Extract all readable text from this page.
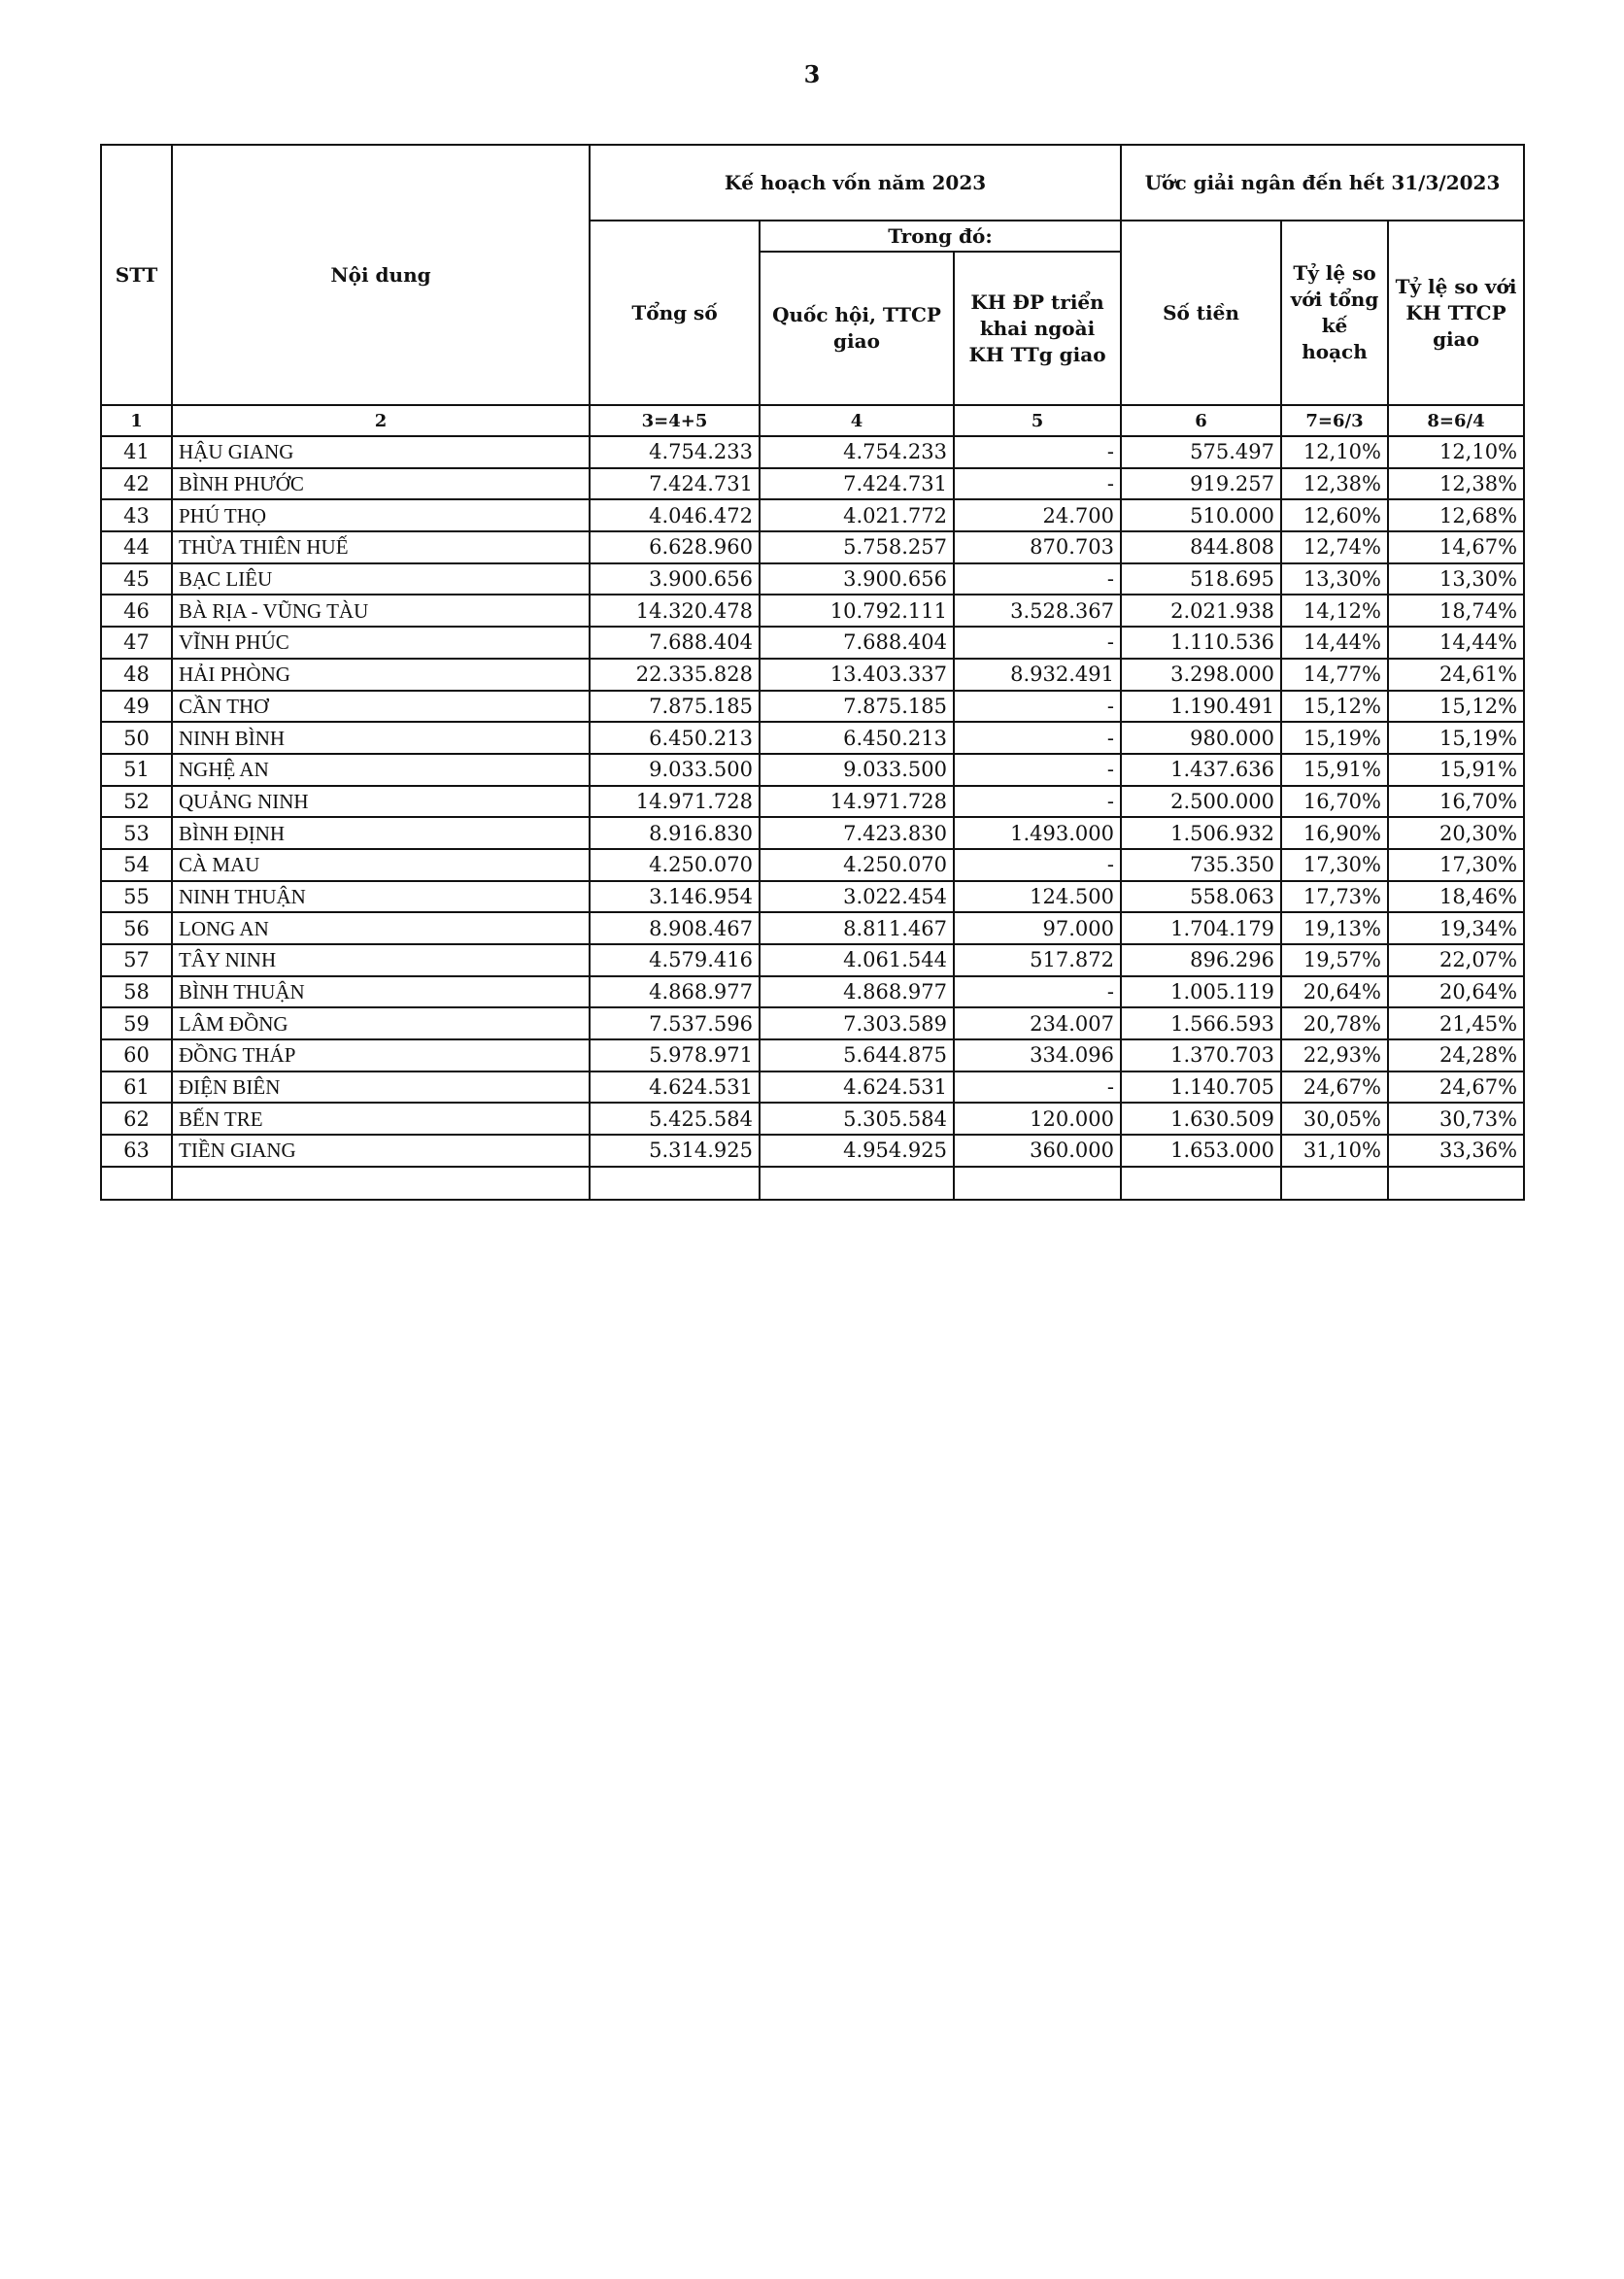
3
STT	Nội dung	Kế hoạch vốn năm 2023			Ước giải ngân đến hết 31/3/2023		
		Tổng số	Trong đó:		Số tiền	Tỷ lệ so với tổng kế hoạch	Tỷ lệ so với KH TTCP giao
			Quốc hội, TTCP giao	KH ĐP triển khai ngoài KH TTg giao			
1	2	3=4+5	4	5	6	7=6/3	8=6/4
41	HẬU GIANG	4.754.233	4.754.233	-	575.497	12,10%	12,10%
42	BÌNH PHƯỚC	7.424.731	7.424.731	-	919.257	12,38%	12,38%
43	PHÚ THỌ	4.046.472	4.021.772	24.700	510.000	12,60%	12,68%
44	THỪA THIÊN HUẾ	6.628.960	5.758.257	870.703	844.808	12,74%	14,67%
45	BẠC LIÊU	3.900.656	3.900.656	-	518.695	13,30%	13,30%
46	BÀ RỊA - VŨNG TÀU	14.320.478	10.792.111	3.528.367	2.021.938	14,12%	18,74%
47	VĨNH PHÚC	7.688.404	7.688.404	-	1.110.536	14,44%	14,44%
48	HẢI PHÒNG	22.335.828	13.403.337	8.932.491	3.298.000	14,77%	24,61%
49	CẦN THƠ	7.875.185	7.875.185	-	1.190.491	15,12%	15,12%
50	NINH BÌNH	6.450.213	6.450.213	-	980.000	15,19%	15,19%
51	NGHỆ AN	9.033.500	9.033.500	-	1.437.636	15,91%	15,91%
52	QUẢNG NINH	14.971.728	14.971.728	-	2.500.000	16,70%	16,70%
53	BÌNH ĐỊNH	8.916.830	7.423.830	1.493.000	1.506.932	16,90%	20,30%
54	CÀ MAU	4.250.070	4.250.070	-	735.350	17,30%	17,30%
55	NINH THUẬN	3.146.954	3.022.454	124.500	558.063	17,73%	18,46%
56	LONG AN	8.908.467	8.811.467	97.000	1.704.179	19,13%	19,34%
57	TÂY NINH	4.579.416	4.061.544	517.872	896.296	19,57%	22,07%
58	BÌNH THUẬN	4.868.977	4.868.977	-	1.005.119	20,64%	20,64%
59	LÂM ĐỒNG	7.537.596	7.303.589	234.007	1.566.593	20,78%	21,45%
60	ĐỒNG THÁP	5.978.971	5.644.875	334.096	1.370.703	22,93%	24,28%
61	ĐIỆN BIÊN	4.624.531	4.624.531	-	1.140.705	24,67%	24,67%
62	BẾN TRE	5.425.584	5.305.584	120.000	1.630.509	30,05%	30,73%
63	TIỀN GIANG	5.314.925	4.954.925	360.000	1.653.000	31,10%	33,36%
